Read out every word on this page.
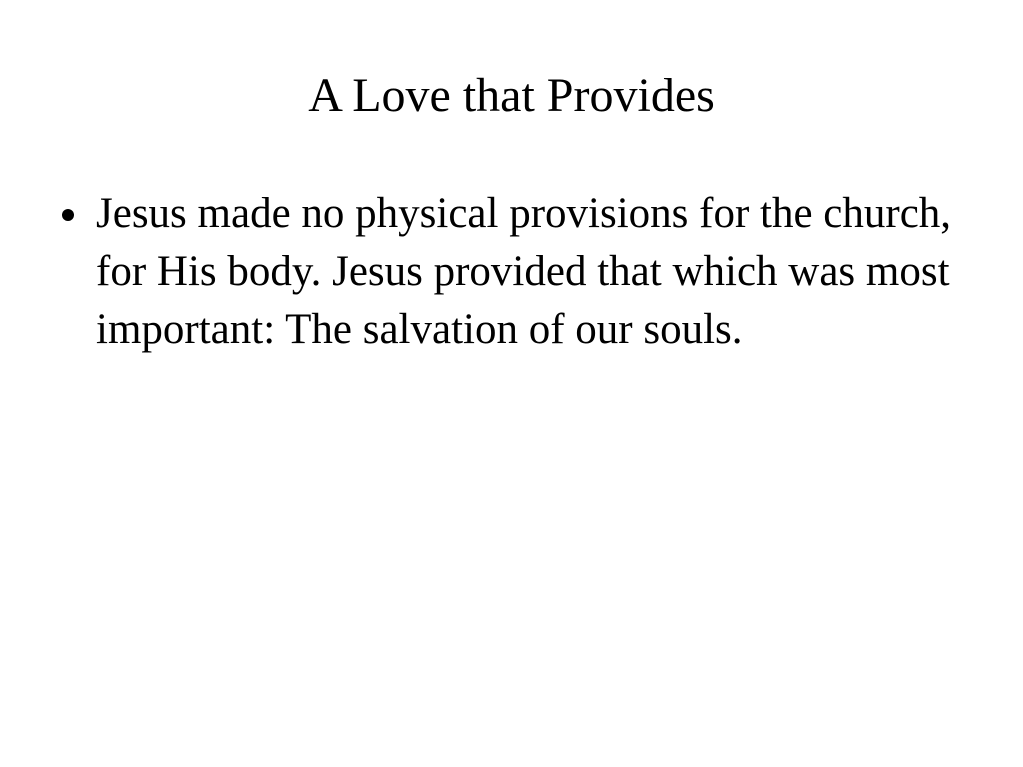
A Love that Provides
Jesus made no physical provisions for the church, for His body. Jesus provided that which was most important: The salvation of our souls.
